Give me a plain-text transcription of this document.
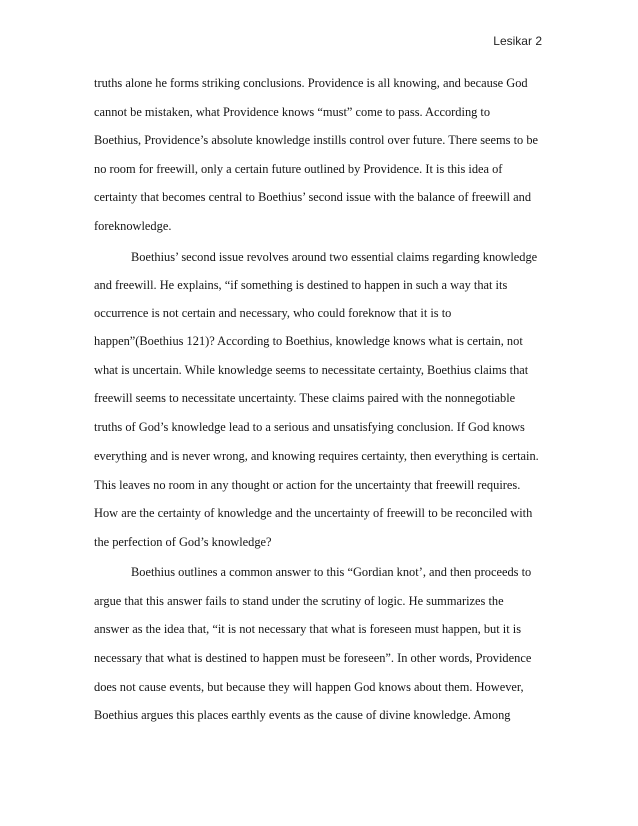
Lesikar 2
truths alone he forms striking conclusions. Providence is all knowing, and because God
cannot be mistaken, what Providence knows “must” come to pass. According to
Boethius, Providence’s absolute knowledge instills control over future. There seems to be
no room for freewill, only a certain future outlined by Providence. It is this idea of
certainty that becomes central to Boethius’ second issue with the balance of freewill and
foreknowledge.
Boethius’ second issue revolves around two essential claims regarding knowledge
and freewill. He explains, “if something is destined to happen in such a way that its
occurrence is not certain and necessary, who could foreknow that it is to
happen”(Boethius 121)? According to Boethius, knowledge knows what is certain, not
what is uncertain. While knowledge seems to necessitate certainty, Boethius claims that
freewill seems to necessitate uncertainty. These claims paired with the nonnegotiable
truths of God’s knowledge lead to a serious and unsatisfying conclusion. If God knows
everything and is never wrong, and knowing requires certainty, then everything is certain.
This leaves no room in any thought or action for the uncertainty that freewill requires.
How are the certainty of knowledge and the uncertainty of freewill to be reconciled with
the perfection of God’s knowledge?
Boethius outlines a common answer to this “Gordian knot’, and then proceeds to
argue that this answer fails to stand under the scrutiny of logic. He summarizes the
answer as the idea that, “it is not necessary that what is foreseen must happen, but it is
necessary that what is destined to happen must be foreseen”. In other words, Providence
does not cause events, but because they will happen God knows about them. However,
Boethius argues this places earthly events as the cause of divine knowledge. Among
